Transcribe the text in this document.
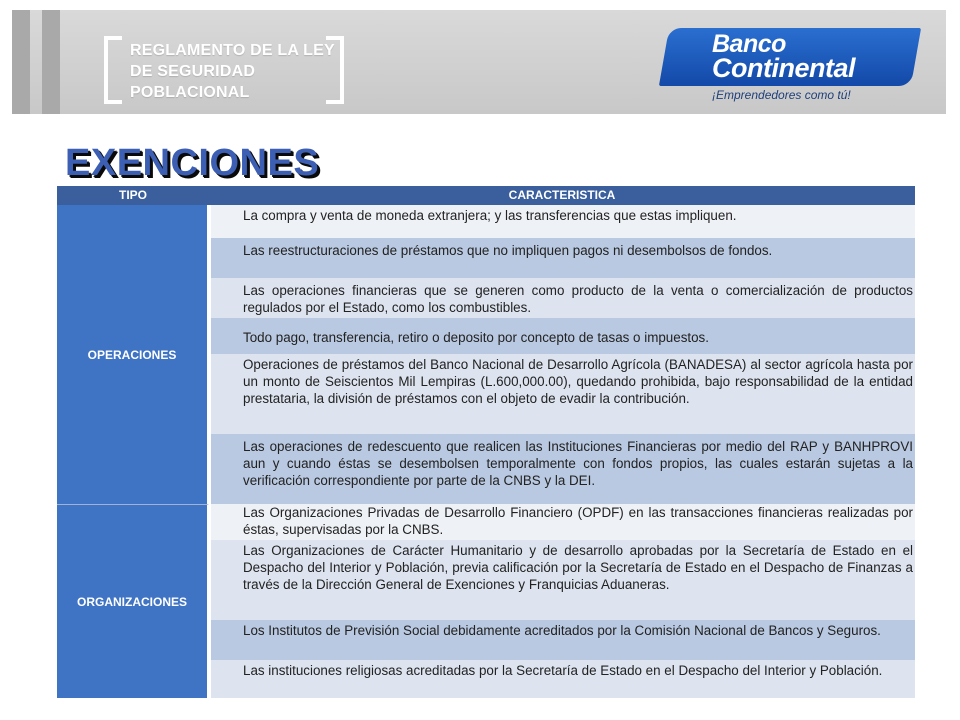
REGLAMENTO DE LA LEY DE SEGURIDAD POBLACIONAL
Banco
Continental
¡Emprendedores como tú!
EXENCIONES
TIPO	CARACTERISTICA
OPERACIONES
La compra y venta de moneda extranjera; y las transferencias que estas impliquen.
Las reestructuraciones de préstamos que no impliquen pagos ni desembolsos de fondos.
Las operaciones financieras que se generen como producto de la venta o comercialización de productos regulados por el Estado, como los combustibles.
Todo pago, transferencia, retiro o deposito por concepto de tasas o impuestos.
Operaciones de préstamos del Banco Nacional de Desarrollo Agrícola (BANADESA) al sector agrícola hasta por un monto de Seiscientos Mil Lempiras (L.600,000.00), quedando prohibida, bajo responsabilidad de la entidad prestataria, la división de préstamos con el objeto de evadir la contribución.
Las operaciones de redescuento que realicen las Instituciones Financieras por medio del RAP y BANHPROVI aun y cuando éstas se desembolsen temporalmente con fondos propios, las cuales estarán sujetas a la verificación correspondiente por parte de la CNBS y la DEI.
ORGANIZACIONES
Las Organizaciones Privadas de Desarrollo Financiero (OPDF) en las transacciones financieras realizadas por éstas, supervisadas por la CNBS.
Las Organizaciones de Carácter Humanitario y de desarrollo aprobadas por la Secretaría de Estado en el Despacho del Interior y Población, previa calificación por la Secretaría de Estado en el Despacho de Finanzas a través de la Dirección General de Exenciones y Franquicias Aduaneras.
Los Institutos de Previsión Social debidamente acreditados por la Comisión Nacional de Bancos y Seguros.
Las instituciones religiosas acreditadas por la Secretaría de Estado en el Despacho del Interior y Población.
